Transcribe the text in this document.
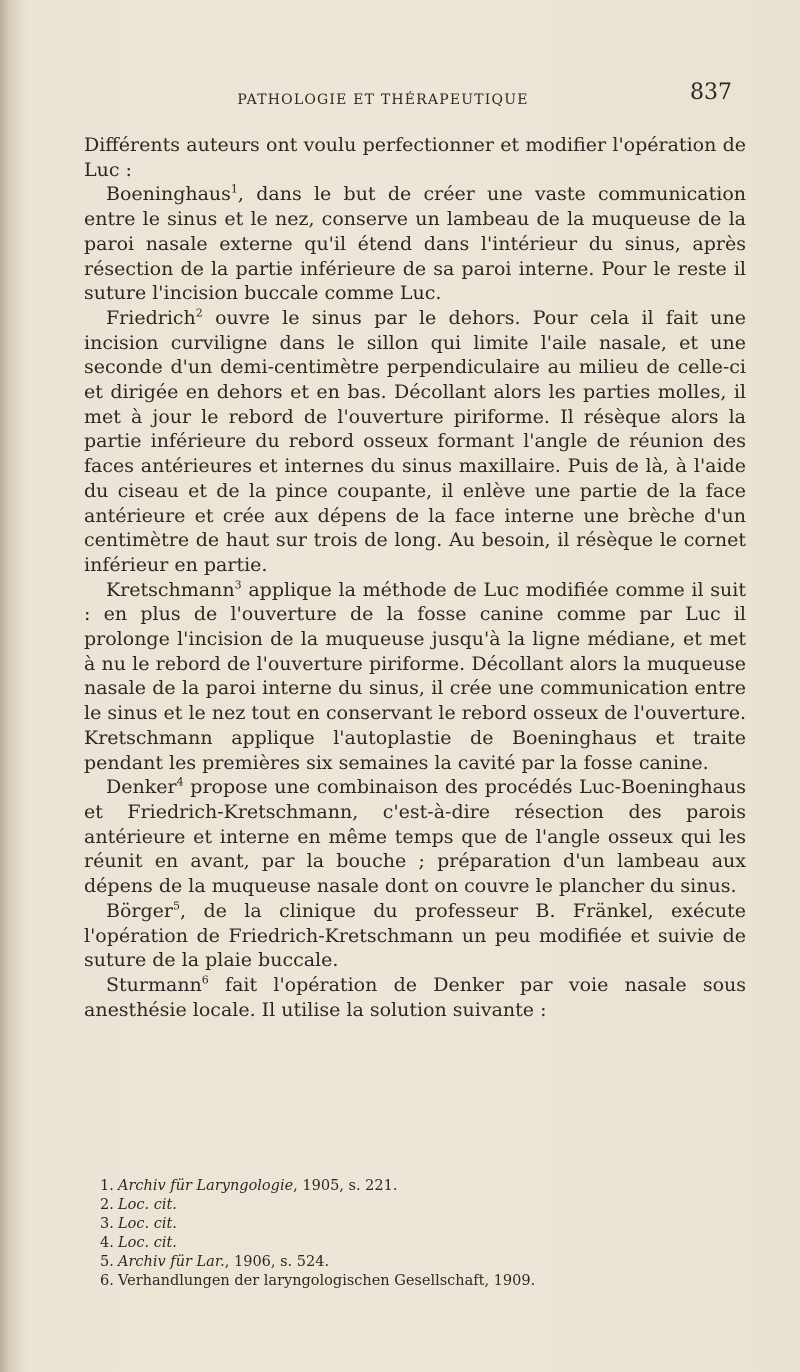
PATHOLOGIE ET THÉRAPEUTIQUE	837

Différents auteurs ont voulu perfectionner et modifier l'opération de Luc :

Boeninghaus$^1$, dans le but de créer une vaste communication entre le sinus et le nez, conserve un lambeau de la muqueuse de la paroi nasale externe qu'il étend dans l'intérieur du sinus, après résection de la partie inférieure de sa paroi interne. Pour le reste il suture l'incision buccale comme Luc.

Friedrich$^2$ ouvre le sinus par le dehors. Pour cela il fait une incision curviligne dans le sillon qui limite l'aile nasale, et une seconde d'un demi-centimètre perpendiculaire au milieu de celle-ci et dirigée en dehors et en bas. Décollant alors les parties molles, il met à jour le rebord de l'ouverture piriforme. Il résèque alors la partie inférieure du rebord osseux formant l'angle de réunion des faces antérieures et internes du sinus maxillaire. Puis de là, à l'aide du ciseau et de la pince coupante, il enlève une partie de la face antérieure et crée aux dépens de la face interne une brèche d'un centimètre de haut sur trois de long. Au besoin, il résèque le cornet inférieur en partie.

Kretschmann$^3$ applique la méthode de Luc modifiée comme il suit : en plus de l'ouverture de la fosse canine comme par Luc il prolonge l'incision de la muqueuse jusqu'à la ligne médiane, et met à nu le rebord de l'ouverture piriforme. Décollant alors la muqueuse nasale de la paroi interne du sinus, il crée une communication entre le sinus et le nez tout en conservant le rebord osseux de l'ouverture. Kretschmann applique l'autoplastie de Boeninghaus et traite pendant les premières six semaines la cavité par la fosse canine.

Denker$^4$ propose une combinaison des procédés Luc-Boeninghaus et Friedrich-Kretschmann, c'est-à-dire résection des parois antérieure et interne en même temps que de l'angle osseux qui les réunit en avant, par la bouche ; préparation d'un lambeau aux dépens de la muqueuse nasale dont on couvre le plancher du sinus.

Börger$^5$, de la clinique du professeur B. Fränkel, exécute l'opération de Friedrich-Kretschmann un peu modifiée et suivie de suture de la plaie buccale.

Sturmann$^6$ fait l'opération de Denker par voie nasale sous anesthésie locale. Il utilise la solution suivante :

1. Archiv für Laryngologie, 1905, s. 221.
2. Loc. cit.
3. Loc. cit.
4. Loc. cit.
5. Archiv für Lar., 1906, s. 524.
6. Verhandlungen der laryngologischen Gesellschaft, 1909.
